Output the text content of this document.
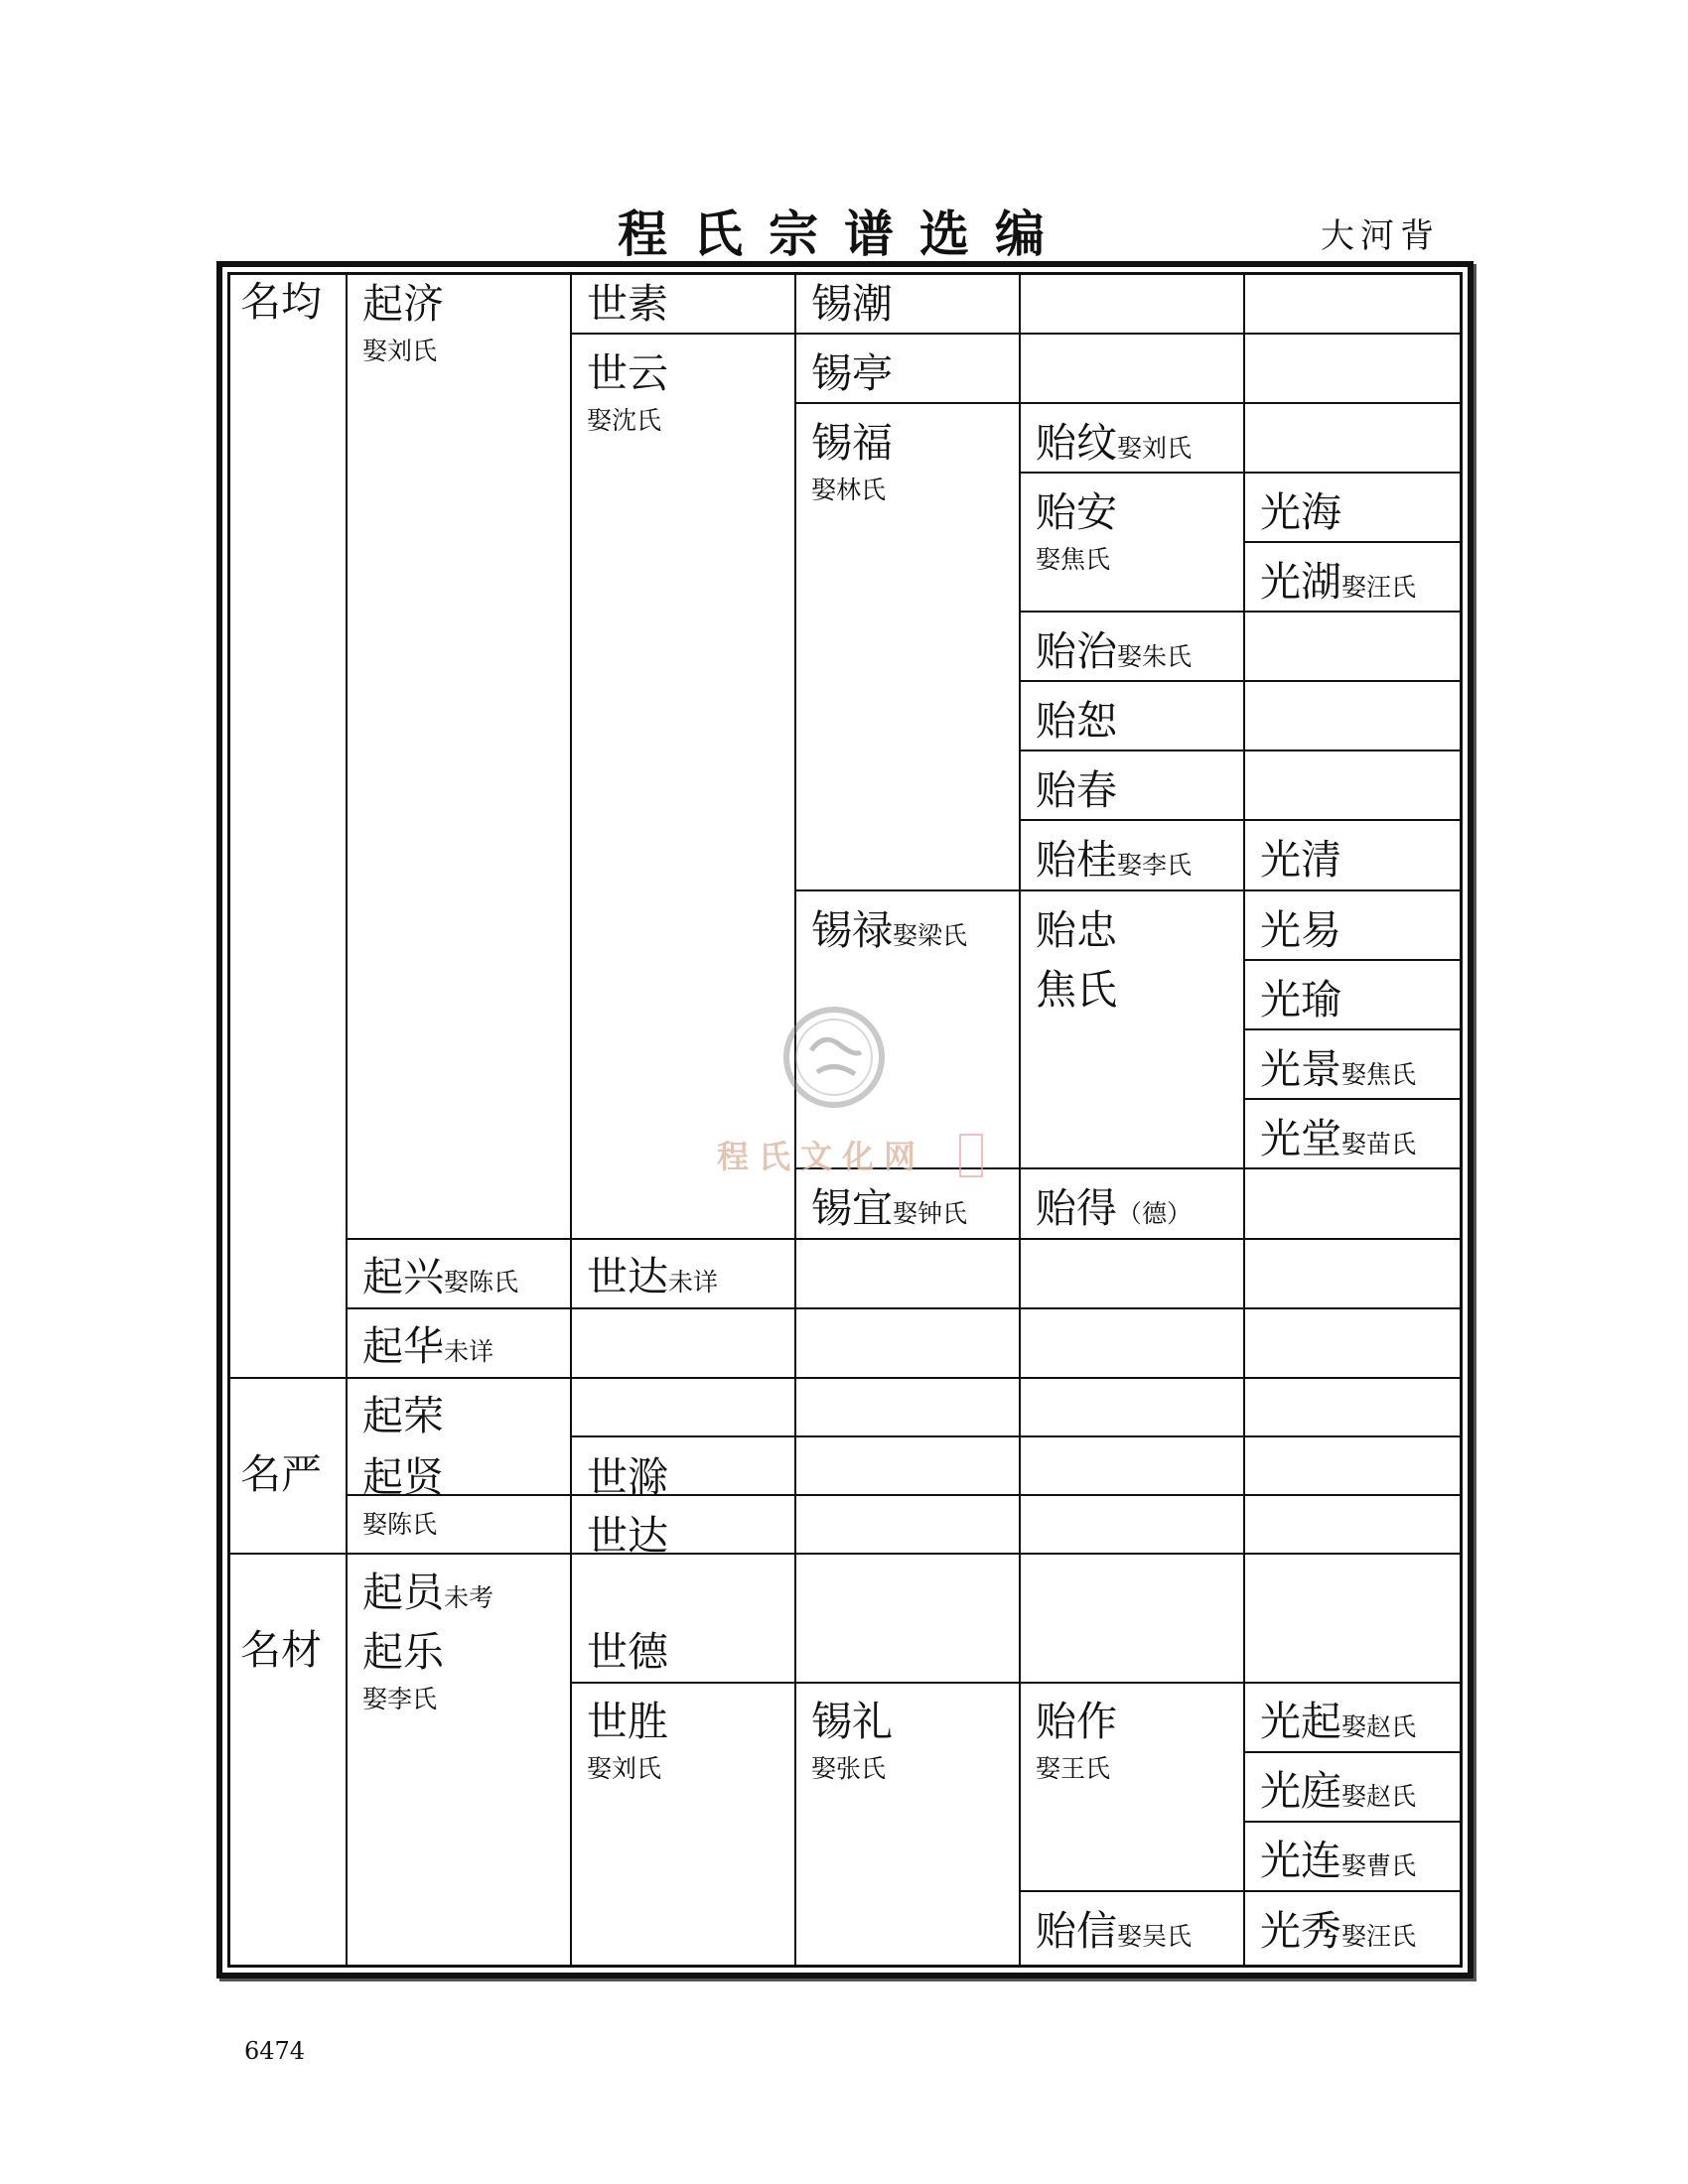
程氏宗谱选编	大河背
程氏文化网
名均
名严
名材
起济
娶刘氏
起兴娶陈氏
起华未详
起荣
起贤
娶陈氏
起员未考
起乐
娶李氏
世素
世云
娶沈氏
世达未详
世滁
世达
世德
世胜
娶刘氏
锡潮
锡亭
锡福
娶林氏
锡禄娶梁氏
锡宜娶钟氏
锡礼
娶张氏
贻纹娶刘氏
贻安
娶焦氏
贻治娶朱氏
贻恕
贻春
贻桂娶李氏
贻忠
焦氏
贻得（德）
贻作
娶王氏
贻信娶吴氏
光海
光湖娶汪氏
光清
光易
光瑜
光景娶焦氏
光堂娶苗氏
光起娶赵氏
光庭娶赵氏
光连娶曹氏
光秀娶汪氏
6474
